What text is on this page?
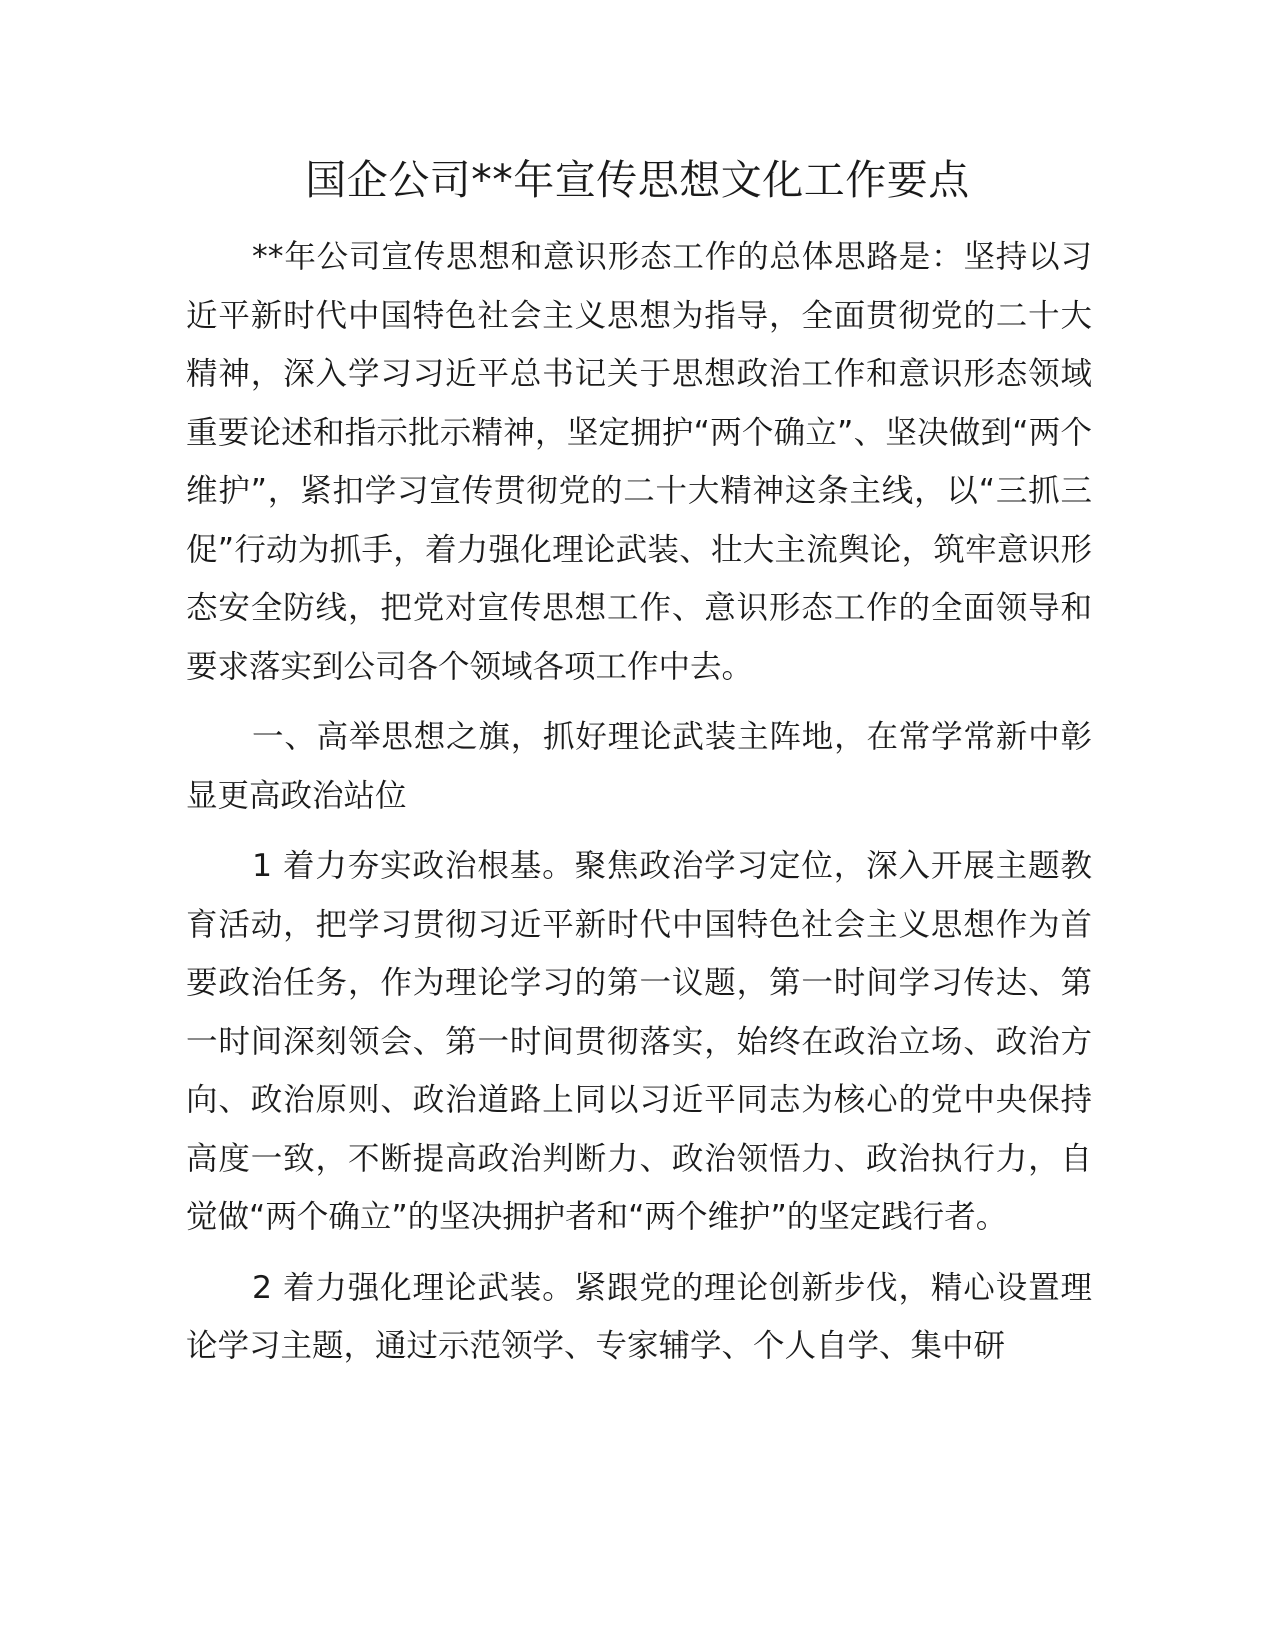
国企公司**年宣传思想文化工作要点

**年公司宣传思想和意识形态工作的总体思路是：坚持以习近平新时代中国特色社会主义思想为指导，全面贯彻党的二十大精神，深入学习习近平总书记关于思想政治工作和意识形态领域重要论述和指示批示精神，坚定拥护“两个确立”、坚决做到“两个维护”，紧扣学习宣传贯彻党的二十大精神这条主线，以“三抓三促”行动为抓手，着力强化理论武装、壮大主流舆论，筑牢意识形态安全防线，把党对宣传思想工作、意识形态工作的全面领导和要求落实到公司各个领域各项工作中去。

一、高举思想之旗，抓好理论武装主阵地，在常学常新中彰显更高政治站位

1 着力夯实政治根基。聚焦政治学习定位，深入开展主题教育活动，把学习贯彻习近平新时代中国特色社会主义思想作为首要政治任务，作为理论学习的第一议题，第一时间学习传达、第一时间深刻领会、第一时间贯彻落实，始终在政治立场、政治方向、政治原则、政治道路上同以习近平同志为核心的党中央保持高度一致，不断提高政治判断力、政治领悟力、政治执行力，自觉做“两个确立”的坚决拥护者和“两个维护”的坚定践行者。

2 着力强化理论武装。紧跟党的理论创新步伐，精心设置理论学习主题，通过示范领学、专家辅学、个人自学、集中研
